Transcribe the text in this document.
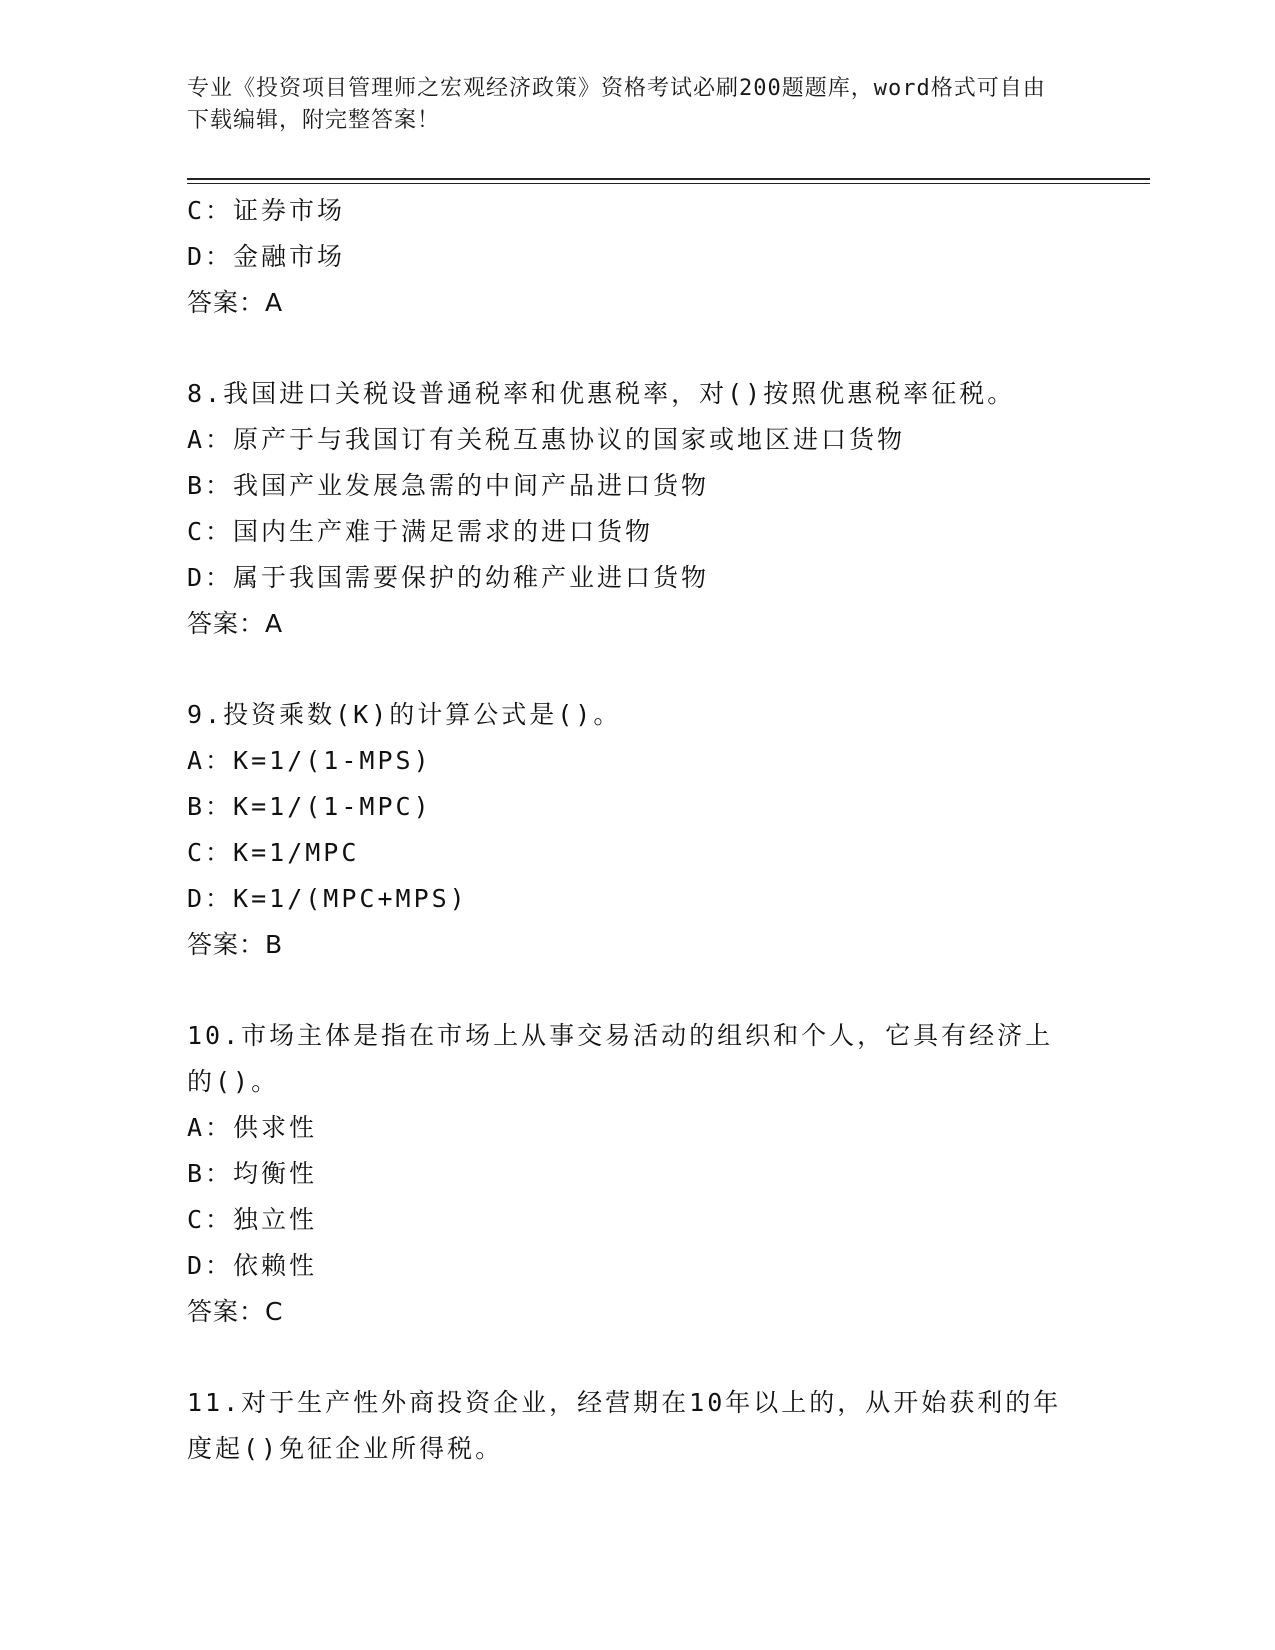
专业《投资项目管理师之宏观经济政策》资格考试必刷200题题库，word格式可自由下载编辑，附完整答案！
C：证券市场
D：金融市场
答案：A
8.我国进口关税设普通税率和优惠税率，对()按照优惠税率征税。
A：原产于与我国订有关税互惠协议的国家或地区进口货物
B：我国产业发展急需的中间产品进口货物
C：国内生产难于满足需求的进口货物
D：属于我国需要保护的幼稚产业进口货物
答案：A
9.投资乘数(K)的计算公式是()。
A：K=1/(1-MPS)
B：K=1/(1-MPC)
C：K=1/MPC
D：K=1/(MPC+MPS)
答案：B
10.市场主体是指在市场上从事交易活动的组织和个人，它具有经济上的()。
A：供求性
B：均衡性
C：独立性
D：依赖性
答案：C
11.对于生产性外商投资企业，经营期在10年以上的，从开始获利的年度起()免征企业所得税。
